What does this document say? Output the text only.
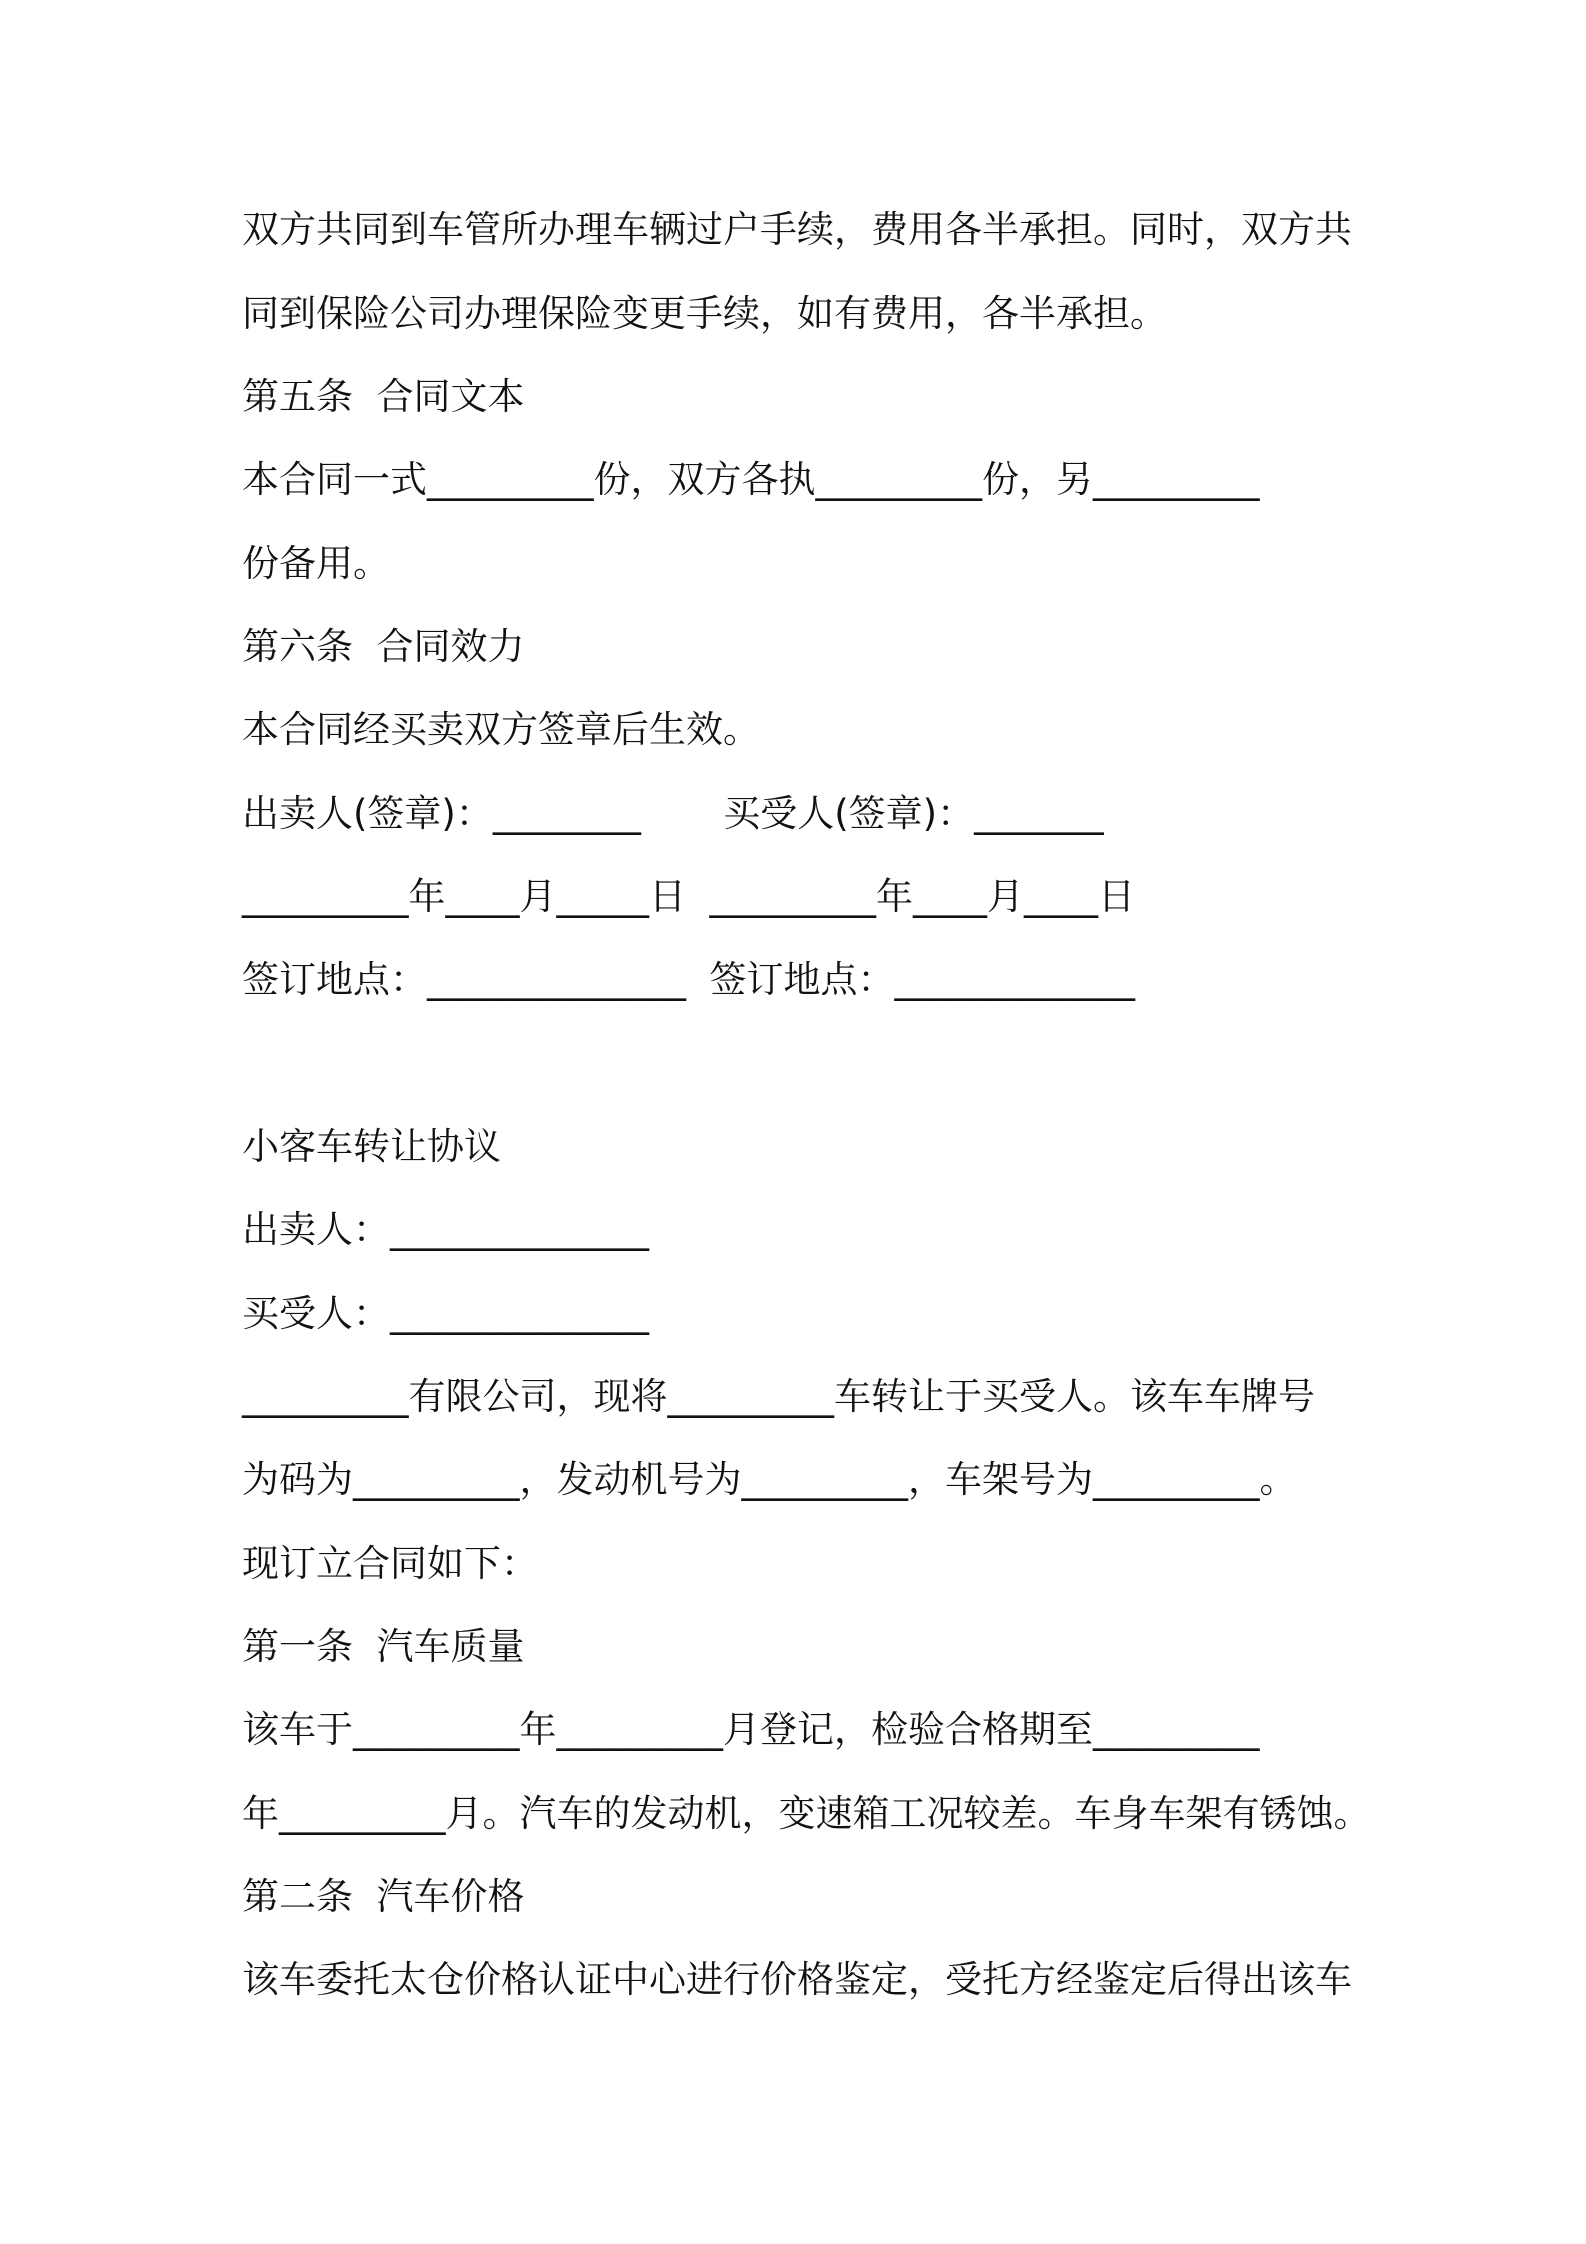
双方共同到车管所办理车辆过户手续，费用各半承担。同时，双方共
同到保险公司办理保险变更手续，如有费用，各半承担。
第五条  合同文本
本合同一式_________份，双方各执_________份，另_________
份备用。
第六条  合同效力
本合同经买卖双方签章后生效。
出卖人(签章)：________       买受人(签章)：_______
_________年____月_____日  _________年____月____日
签订地点：______________  签订地点：_____________
小客车转让协议
出卖人：______________
买受人：______________
_________有限公司，现将_________车转让于买受人。该车车牌号
为码为_________，发动机号为_________，车架号为_________。
现订立合同如下：
第一条  汽车质量
该车于_________年_________月登记，检验合格期至_________
年_________月。汽车的发动机，变速箱工况较差。车身车架有锈蚀。
第二条  汽车价格
该车委托太仓价格认证中心进行价格鉴定，受托方经鉴定后得出该车
